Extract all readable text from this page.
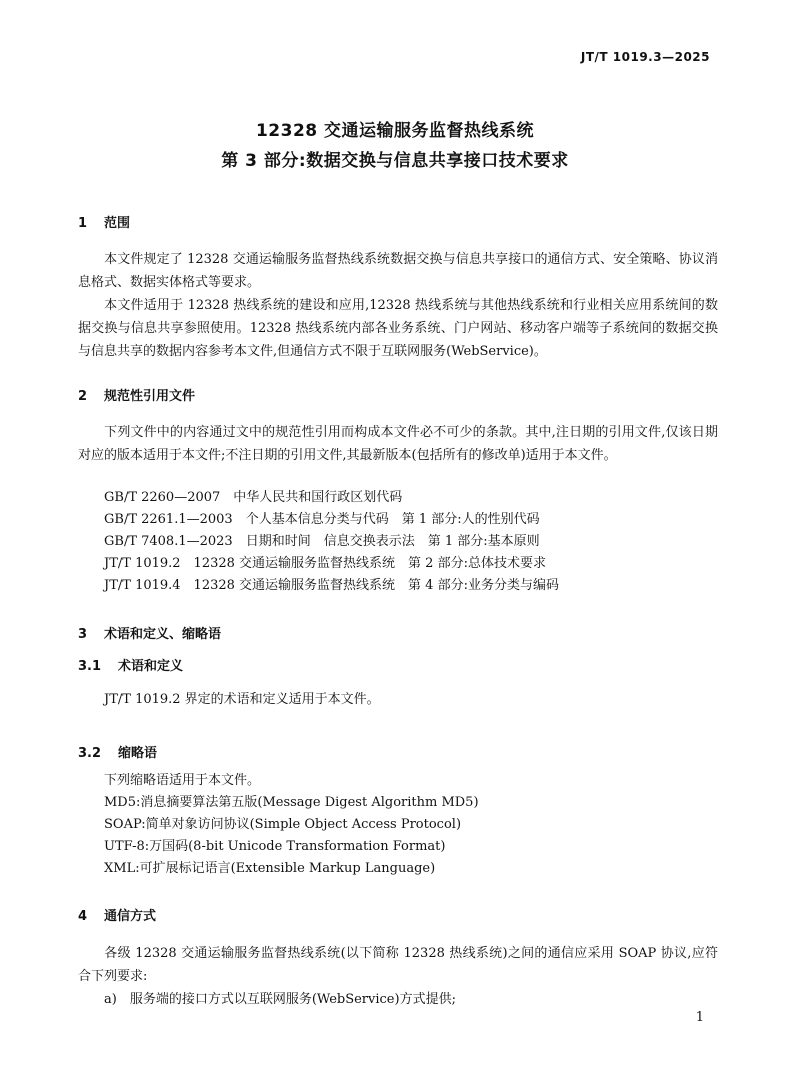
JT/T 1019.3—2025
12328 交通运输服务监督热线系统
第 3 部分:数据交换与信息共享接口技术要求
1 范围
本文件规定了 12328 交通运输服务监督热线系统数据交换与信息共享接口的通信方式、安全策略、协议消息格式、数据实体格式等要求。
本文件适用于 12328 热线系统的建设和应用,12328 热线系统与其他热线系统和行业相关应用系统间的数据交换与信息共享参照使用。12328 热线系统内部各业务系统、门户网站、移动客户端等子系统间的数据交换与信息共享的数据内容参考本文件,但通信方式不限于互联网服务(WebService)。
2 规范性引用文件
下列文件中的内容通过文中的规范性引用而构成本文件必不可少的条款。其中,注日期的引用文件,仅该日期对应的版本适用于本文件;不注日期的引用文件,其最新版本(包括所有的修改单)适用于本文件。
GB/T 2260—2007　中华人民共和国行政区划代码
GB/T 2261.1—2003　个人基本信息分类与代码　第 1 部分:人的性别代码
GB/T 7408.1—2023　日期和时间　信息交换表示法　第 1 部分:基本原则
JT/T 1019.2　12328 交通运输服务监督热线系统　第 2 部分:总体技术要求
JT/T 1019.4　12328 交通运输服务监督热线系统　第 4 部分:业务分类与编码
3 术语和定义、缩略语
3.1 术语和定义
JT/T 1019.2 界定的术语和定义适用于本文件。
3.2 缩略语
下列缩略语适用于本文件。
MD5:消息摘要算法第五版(Message Digest Algorithm MD5)
SOAP:简单对象访问协议(Simple Object Access Protocol)
UTF-8:万国码(8-bit Unicode Transformation Format)
XML:可扩展标记语言(Extensible Markup Language)
4 通信方式
各级 12328 交通运输服务监督热线系统(以下简称 12328 热线系统)之间的通信应采用 SOAP 协议,应符合下列要求:
a)　服务端的接口方式以互联网服务(WebService)方式提供;
1
